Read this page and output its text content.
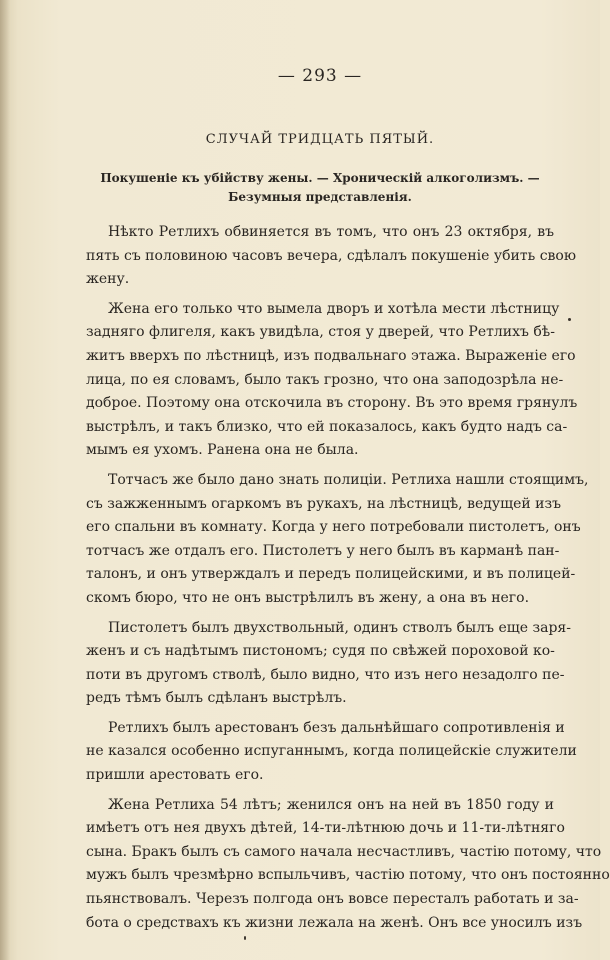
— 293 —
СЛУЧАЙ ТРИДЦАТЬ ПЯТЫЙ.
Покушеніе къ убійству жены. — Хроническій алкоголизмъ. —
Безумныя представленія.
Нѣкто Ретлихъ обвиняется въ томъ, что онъ 23 октября, въ
пять съ половиною часовъ вечера, сдѣлалъ покушеніе убить свою
жену.
Жена его только что вымела дворъ и хотѣла мести лѣстницу
задняго флигеля, какъ увидѣла, стоя у дверей, что Ретлихъ бѣ-
житъ вверхъ по лѣстницѣ, изъ подвальнаго этажа. Выраженіе его
лица, по ея словамъ, было такъ грозно, что она заподозрѣла не-
доброе. Поэтому она отскочила въ сторону. Въ это время грянулъ
выстрѣлъ, и такъ близко, что ей показалось, какъ будто надъ са-
мымъ ея ухомъ. Ранена она не была.
Тотчасъ же было дано знать полиціи. Ретлиха нашли стоящимъ,
съ зажженнымъ огаркомъ въ рукахъ, на лѣстницѣ, ведущей изъ
его спальни въ комнату. Когда у него потребовали пистолетъ, онъ
тотчасъ же отдалъ его. Пистолетъ у него былъ въ карманѣ пан-
талонъ, и онъ утверждалъ и передъ полицейскими, и въ полицей-
скомъ бюро, что не онъ выстрѣлилъ въ жену, а она въ него.
Пистолетъ былъ двухствольный, одинъ стволъ былъ еще заря-
женъ и съ надѣтымъ пистономъ; судя по свѣжей пороховой ко-
поти въ другомъ стволѣ, было видно, что изъ него незадолго пе-
редъ тѣмъ былъ сдѣланъ выстрѣлъ.
Ретлихъ былъ арестованъ безъ дальнѣйшаго сопротивленія и
не казался особенно испуганнымъ, когда полицейскіе служители
пришли арестовать его.
Жена Ретлиха 54 лѣтъ; женился онъ на ней въ 1850 году и
имѣетъ отъ нея двухъ дѣтей, 14-ти-лѣтнюю дочь и 11-ти-лѣтняго
сына. Бракъ былъ съ самого начала несчастливъ, частію потому, что
мужъ былъ чрезмѣрно вспыльчивъ, частію потому, что онъ постоянно
пьянствовалъ. Черезъ полгода онъ вовсе пересталъ работать и за-
бота о средствахъ къ жизни лежала на женѣ. Онъ все уносилъ изъ
